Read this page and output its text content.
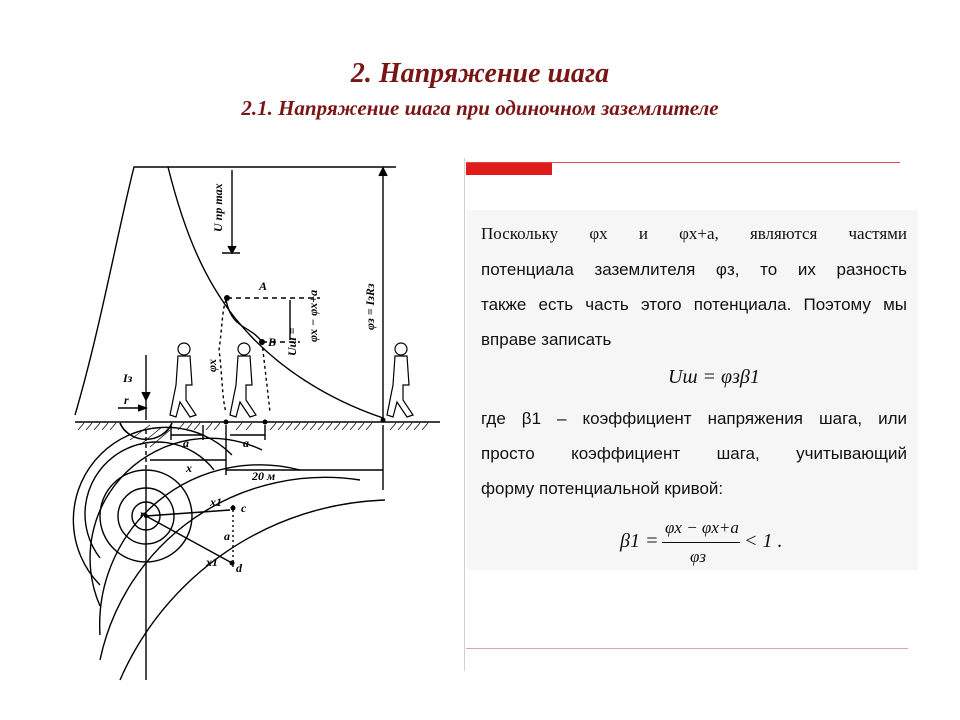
2. Напряжение шага
2.1. Напряжение шага при одиночном заземлителе
U пр max
φз = IзRз
φx − φx+a
Uш =
φx
A
B
Iз
r
a	a
x
20 м
x1
x1
c
d
a
r
Поскольку φx и φx+a, являются частями
потенциала заземлителя φз, то их разность
также есть часть этого потенциала. Поэтому мы
вправе записать
Uш = φзβ1
где β1 – коэффициент напряжения шага, или
просто коэффициент шага, учитывающий
форму потенциальной кривой:
β1 =
φx − φx+a
φз
< 1 .
